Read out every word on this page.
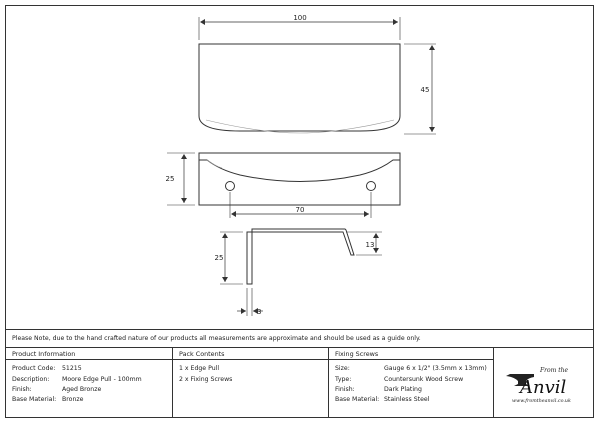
100
45
25
70
25
13
3
Please Note, due to the hand crafted nature of our products all measurements are approximate and should be used as a guide only.
Product Information
Product Code: 51215
Description: Moore Edge Pull - 100mm
Finish:	Aged Bronze
Base Material: Bronze
Pack Contents
1 x Edge Pull
2 x Fixing Screws
Fixing Screws
Size:	Gauge 6 x 1/2" (3.5mm x 13mm)
Type:	Countersunk Wood Screw
Finish:	Dark Plating
Base Material: Stainless Steel
From the
Anvil
www.fromtheanvil.co.uk
